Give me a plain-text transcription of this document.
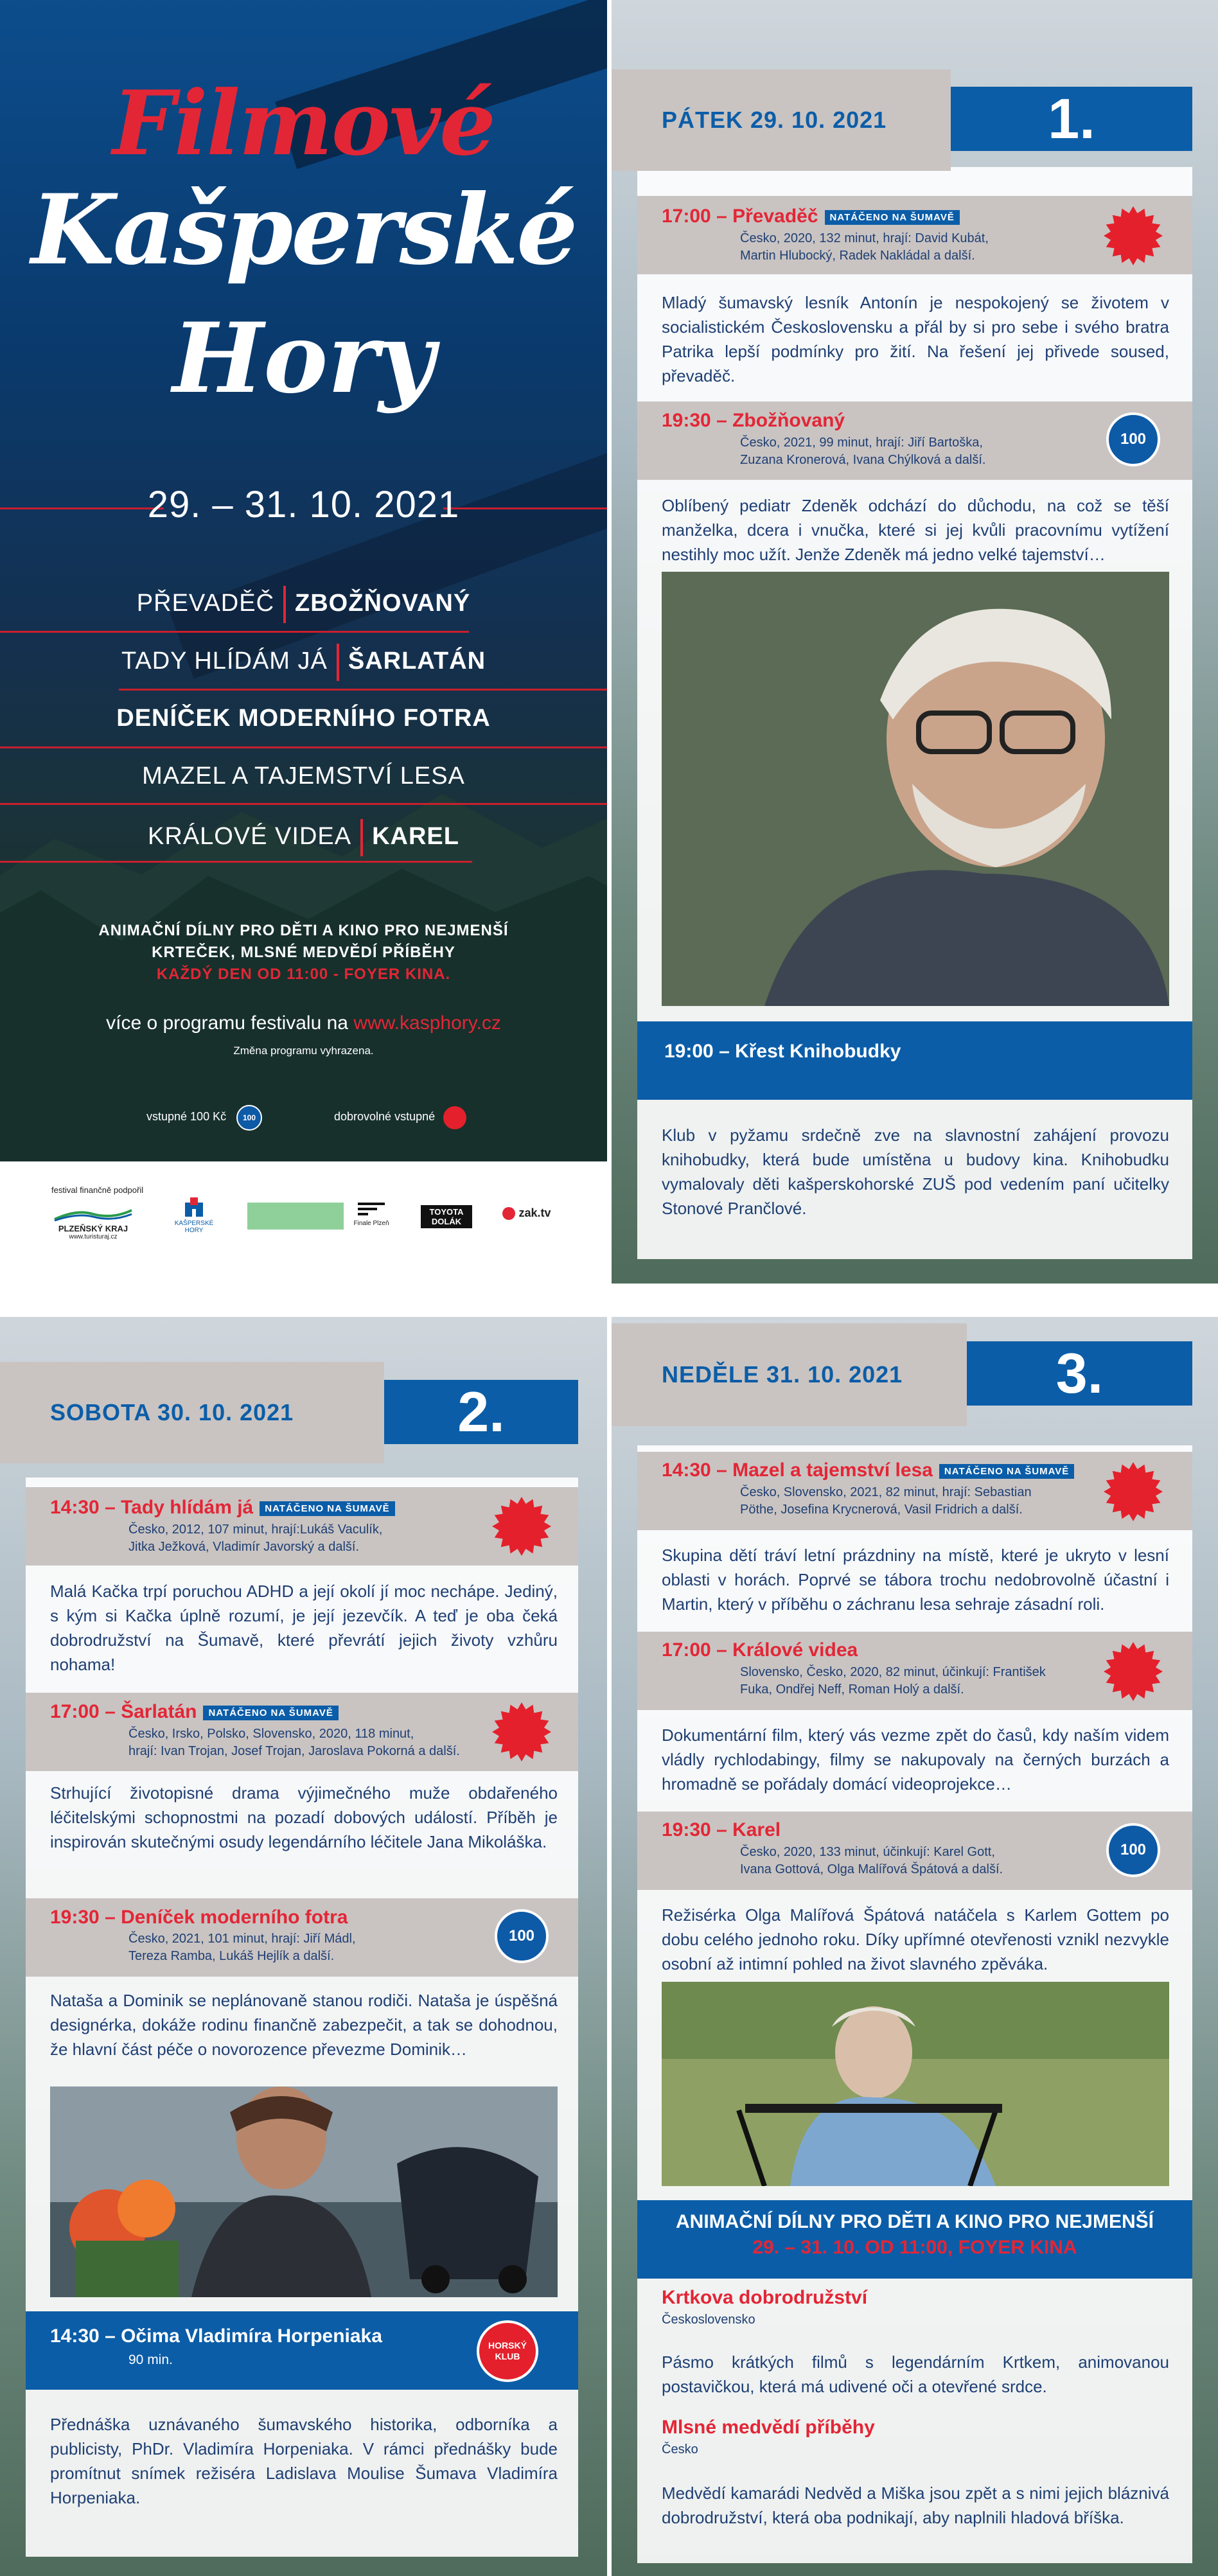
Filmové
Kašperské
Hory
29. – 31. 10. 2021
PŘEVADĚČ ZBOŽŇOVANÝ
TADY HLÍDÁM JÁ ŠARLATÁN
DENÍČEK MODERNÍHO FOTRA
MAZEL A TAJEMSTVÍ LESA
KRÁLOVÉ VIDEA KAREL
ANIMAČNÍ DÍLNY PRO DĚTI A KINO PRO NEJMENŠÍ
KRTEČEK, MLSNÉ MEDVĚDÍ PŘÍBĚHY
KAŽDÝ DEN OD 11:00 - FOYER KINA.
více o programu festivalu na www.kasphory.cz
Změna programu vyhrazena.
vstupné 100 Kč	100	dobrovolné vstupné
festival finančně podpořil
PLZEŇSKÝ KRAJ
www.turisturaj.cz
KAŠPERSKÉ HORY
Finale Plzeň
TOYOTA DOLÁK
zak.tv
PÁTEK 29. 10. 2021	1.
17:00 – Převaděč NATÁČENO NA ŠUMAVĚ
Česko, 2020, 132 minut, hrají: David Kubát,
Martin Hlubocký, Radek Nakládal a další.
Mladý šumavský lesník Antonín je nespokojený se životem v socialistickém Československu a přál by si pro sebe i svého bratra Patrika lepší podmínky pro žití. Na řešení jej přivede soused, převaděč.
19:30 – Zbožňovaný
Česko, 2021, 99 minut, hrají: Jiří Bartoška,
Zuzana Kronerová, Ivana Chýlková a další.
100
Oblíbený pediatr Zdeněk odchází do důchodu, na což se těší manželka, dcera i vnučka, které si jej kvůli pracovnímu vytížení nestihly moc užít. Jenže Zdeněk má jedno velké tajemství…
19:00 – Křest Knihobudky
Klub v pyžamu srdečně zve na slavnostní zahájení provozu knihobudky, která bude umístěna u budovy kina. Knihobudku vymalovaly děti kašperskohorské ZUŠ pod vedením paní učitelky Stonové Prančlové.
SOBOTA 30. 10. 2021	2.
14:30 – Tady hlídám já NATÁČENO NA ŠUMAVĚ
Česko, 2012, 107 minut, hrají:Lukáš Vaculík,
Jitka Ježková, Vladimír Javorský a další.
Malá Kačka trpí poruchou ADHD a její okolí jí moc nechápe. Jediný, s kým si Kačka úplně rozumí, je její jezevčík. A teď je oba čeká dobrodružství na Šumavě, které převrátí jejich životy vzhůru nohama!
17:00 – Šarlatán NATÁČENO NA ŠUMAVĚ
Česko, Irsko, Polsko, Slovensko, 2020, 118 minut,
hrají: Ivan Trojan, Josef Trojan, Jaroslava Pokorná a další.
Strhující životopisné drama výjimečného muže obdařeného léčitelskými schopnostmi na pozadí dobových událostí. Příběh je inspirován skutečnými osudy legendárního léčitele Jana Mikoláška.
19:30 – Deníček moderního fotra
Česko, 2021, 101 minut, hrají: Jiří Mádl,
Tereza Ramba, Lukáš Hejlík a další.
100
Nataša a Dominik se neplánovaně stanou rodiči. Nataša je úspěšná designérka, dokáže rodinu finančně zabezpečit, a tak se dohodnou, že hlavní část péče o novorozence převezme Dominik…
14:30 – Očima Vladimíra Horpeniaka
90 min.
HORSKÝ KLUB
Přednáška uznávaného šumavského historika, odborníka a publicisty, PhDr. Vladimíra Horpeniaka. V rámci přednášky bude promítnut snímek režiséra Ladislava Moulise Šumava Vladimíra Horpeniaka.
NEDĚLE 31. 10. 2021	3.
14:30 – Mazel a tajemství lesa NATÁČENO NA ŠUMAVĚ
Česko, Slovensko, 2021, 82 minut, hrají: Sebastian
Pöthe, Josefina Krycnerová, Vasil Fridrich a další.
Skupina dětí tráví letní prázdniny na místě, které je ukryto v lesní oblasti v horách. Poprvé se tábora trochu nedobrovolně účastní i Martin, který v příběhu o záchranu lesa sehraje zásadní roli.
17:00 – Králové videa
Slovensko, Česko, 2020, 82 minut, účinkují: František
Fuka, Ondřej Neff, Roman Holý a další.
Dokumentární film, který vás vezme zpět do časů, kdy naším videm vládly rychlodabingy, filmy se nakupovaly na černých burzách a hromadně se pořádaly domácí videoprojekce…
19:30 – Karel
Česko, 2020, 133 minut, účinkují: Karel Gott,
Ivana Gottová, Olga Malířová Špátová a další.
100
Režisérka Olga Malířová Špátová natáčela s Karlem Gottem po dobu celého jednoho roku. Díky upřímné otevřenosti vznikl nezvykle osobní až intimní pohled na život slavného zpěváka.
ANIMAČNÍ DÍLNY PRO DĚTI A KINO PRO NEJMENŠÍ
29. – 31. 10. OD 11:00, FOYER KINA
Krtkova dobrodružství
Československo
Pásmo krátkých filmů s legendárním Krtkem, animovanou postavičkou, která má udivené oči a otevřené srdce.
Mlsné medvědí příběhy
Česko
Medvědí kamarádi Nedvěd a Miška jsou zpět a s nimi jejich bláznivá dobrodružství, která oba podnikají, aby naplnili hladová bříška.
